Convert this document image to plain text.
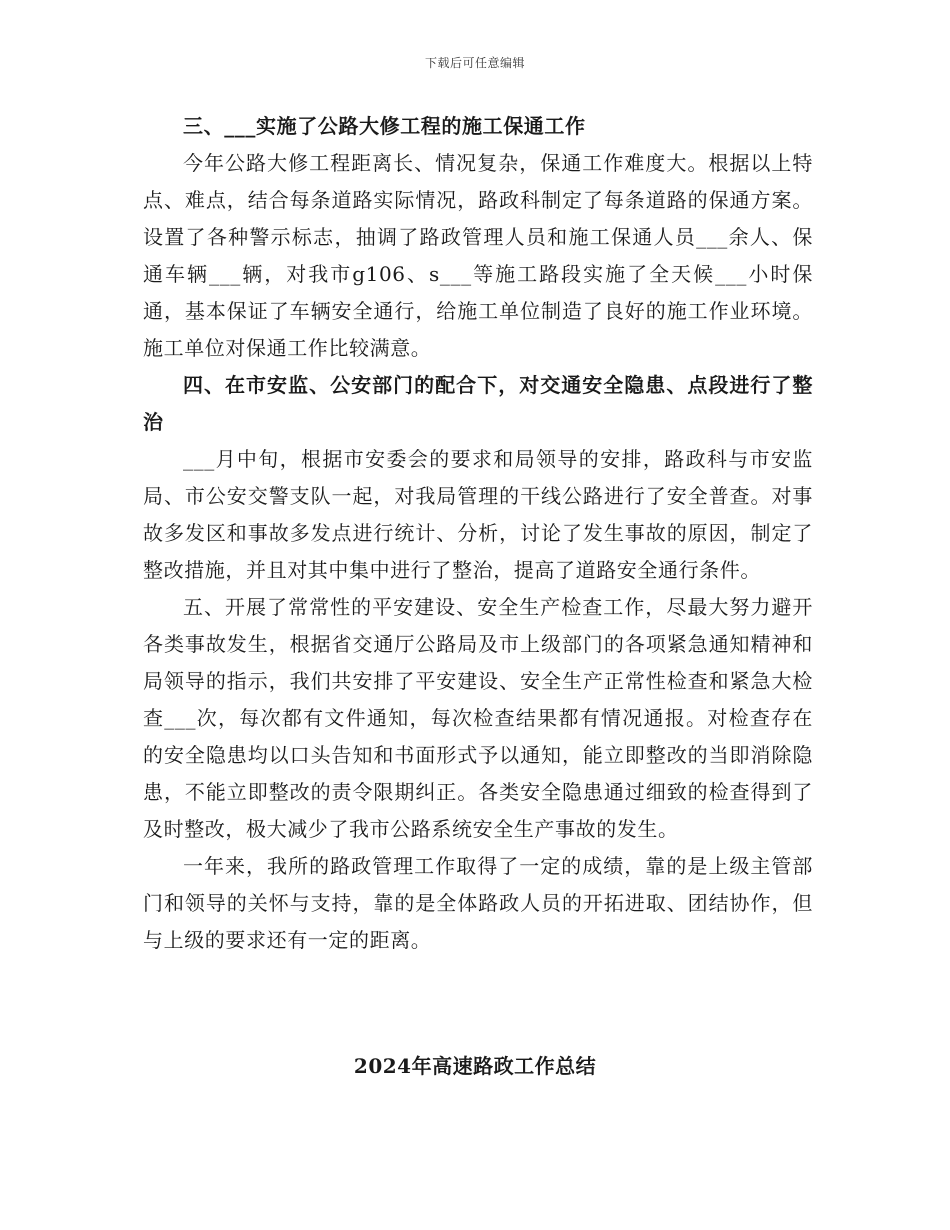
下载后可任意编辑

三、___实施了公路大修工程的施工保通工作

今年公路大修工程距离长、情况复杂，保通工作难度大。根据以上特点、难点，结合每条道路实际情况，路政科制定了每条道路的保通方案。设置了各种警示标志，抽调了路政管理人员和施工保通人员___余人、保通车辆___辆，对我市g106、s___等施工路段实施了全天候___小时保通，基本保证了车辆安全通行，给施工单位制造了良好的施工作业环境。施工单位对保通工作比较满意。

四、在市安监、公安部门的配合下，对交通安全隐患、点段进行了整治

___月中旬，根据市安委会的要求和局领导的安排，路政科与市安监局、市公安交警支队一起，对我局管理的干线公路进行了安全普查。对事故多发区和事故多发点进行统计、分析，讨论了发生事故的原因，制定了整改措施，并且对其中集中进行了整治，提高了道路安全通行条件。

五、开展了常常性的平安建设、安全生产检查工作，尽最大努力避开各类事故发生，根据省交通厅公路局及市上级部门的各项紧急通知精神和局领导的指示，我们共安排了平安建设、安全生产正常性检查和紧急大检查___次，每次都有文件通知，每次检查结果都有情况通报。对检查存在的安全隐患均以口头告知和书面形式予以通知，能立即整改的当即消除隐患，不能立即整改的责令限期纠正。各类安全隐患通过细致的检查得到了及时整改，极大减少了我市公路系统安全生产事故的发生。

一年来，我所的路政管理工作取得了一定的成绩，靠的是上级主管部门和领导的关怀与支持，靠的是全体路政人员的开拓进取、团结协作，但与上级的要求还有一定的距离。

2024年高速路政工作总结
